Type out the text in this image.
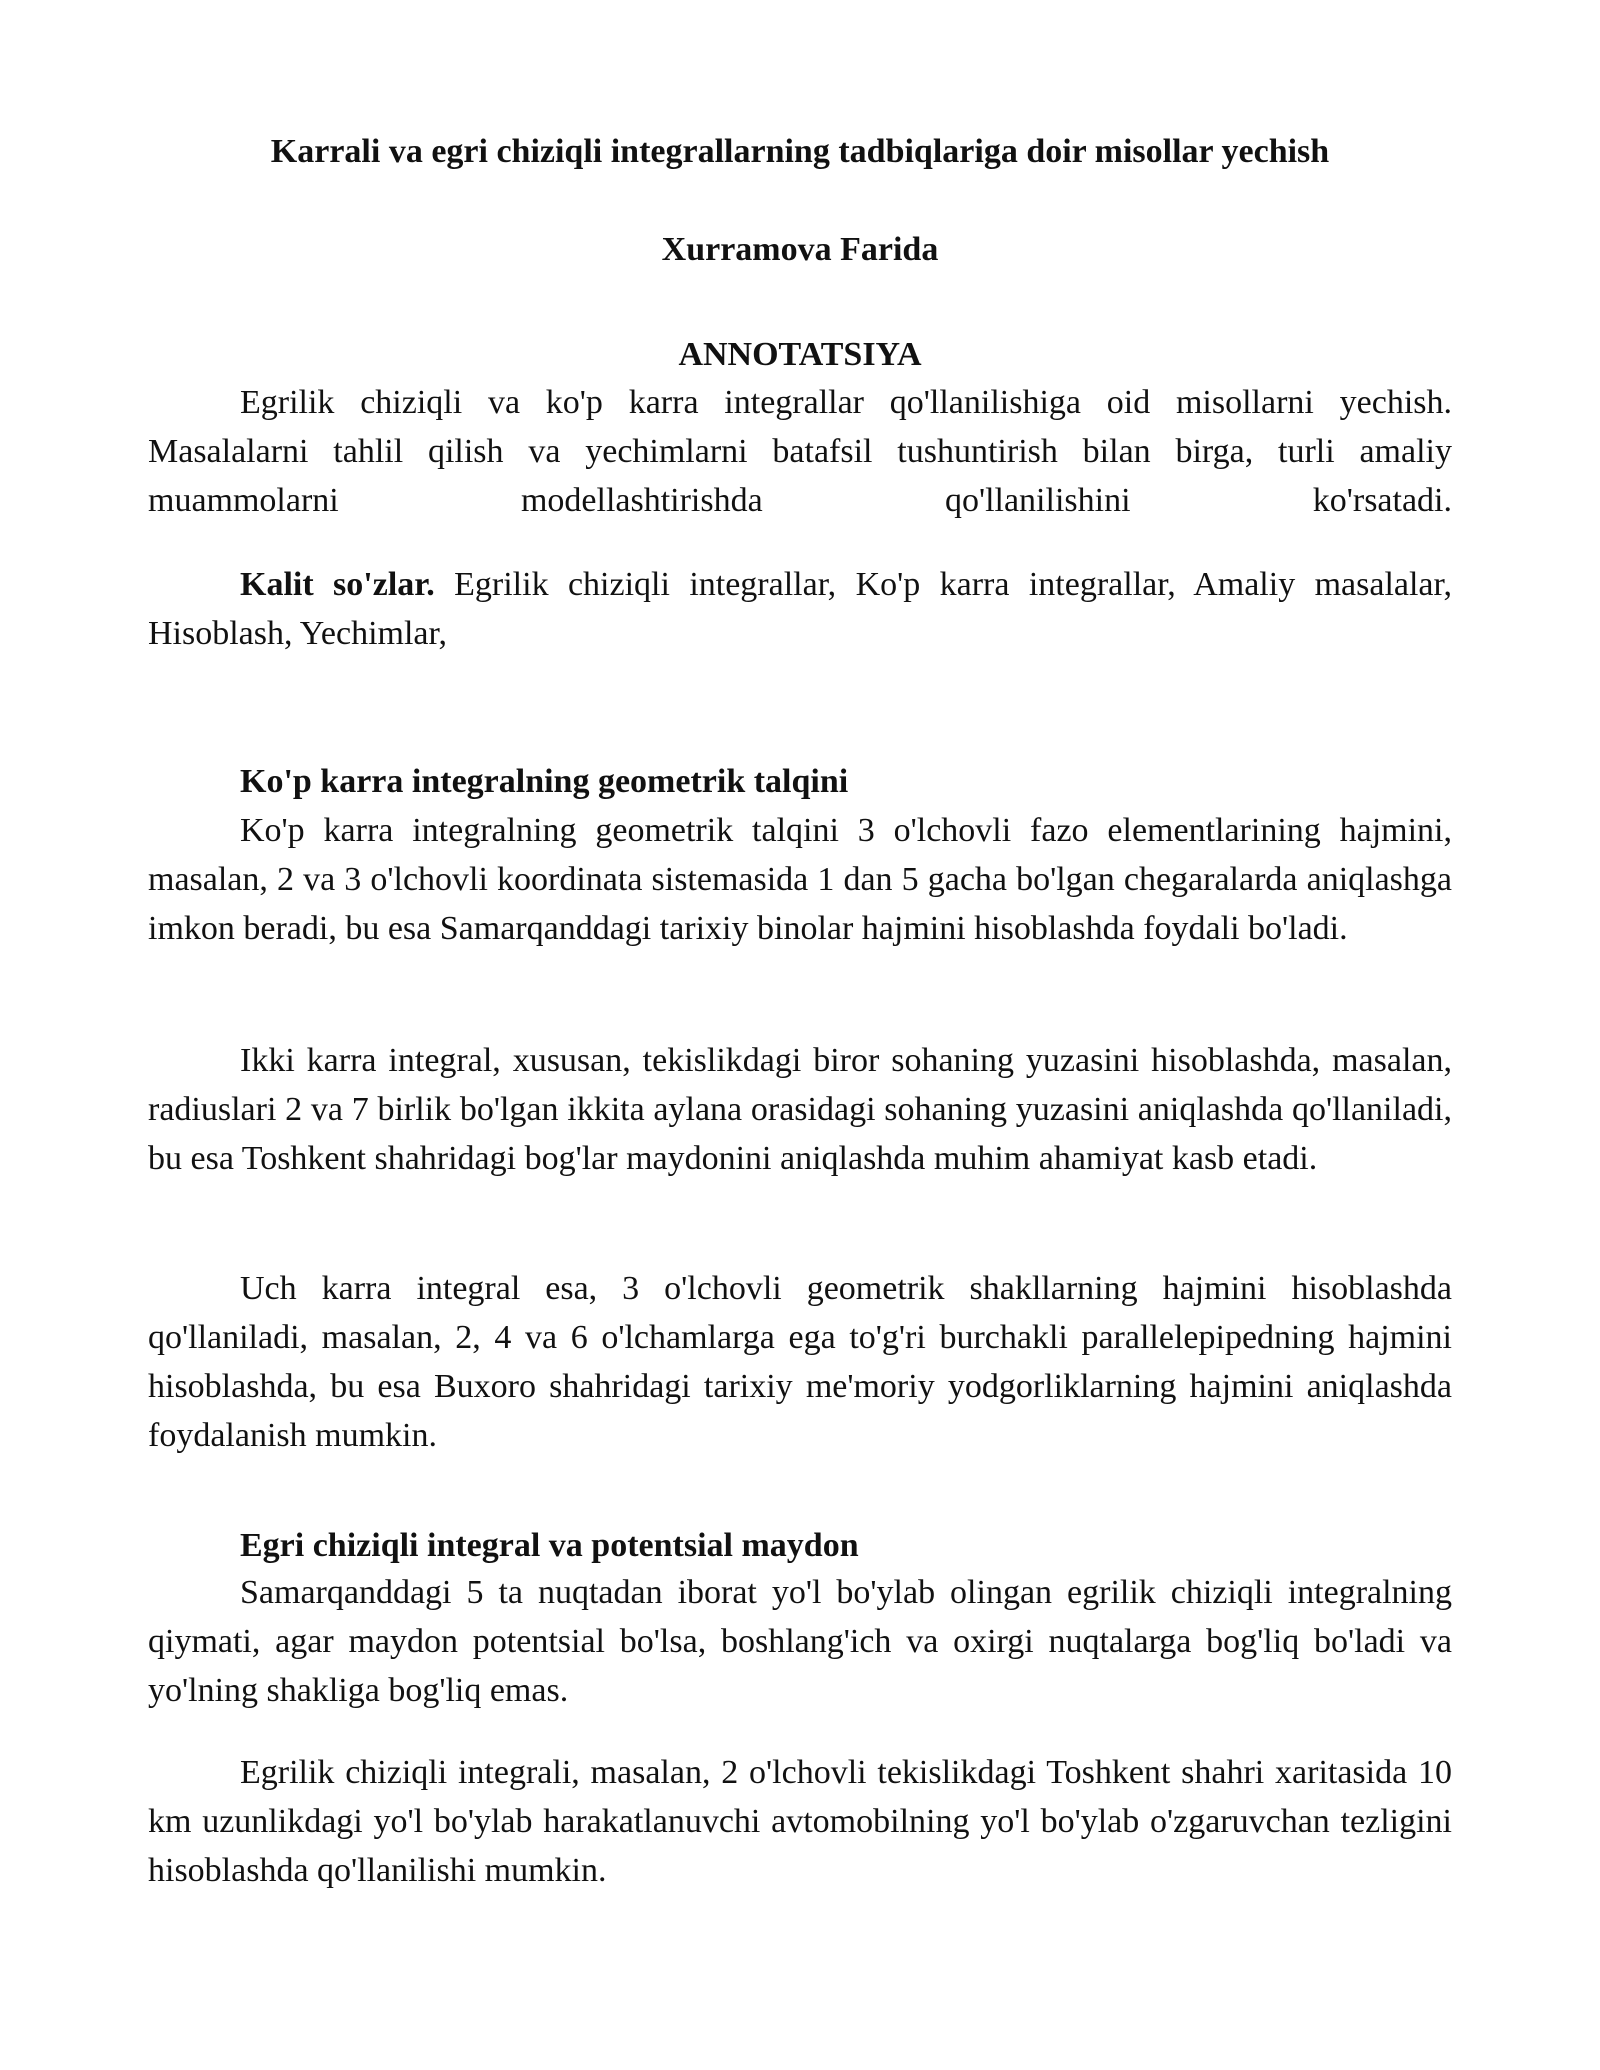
Karrali va egri chiziqli integrallarning tadbiqlariga doir misollar yechish
Xurramova Farida
ANNOTATSIYA

Egrilik chiziqli va ko'p karra integrallar qo'llanilishiga oid misollarni yechish. Masalalarni tahlil qilish va yechimlarni batafsil tushuntirish bilan birga, turli amaliy muammolarni modellashtirishda qo'llanilishini ko'rsatadi.

Kalit so'zlar. Egrilik chiziqli integrallar, Ko'p karra integrallar, Amaliy masalalar, Hisoblash, Yechimlar,

Ko'p karra integralning geometrik talqini

Ko'p karra integralning geometrik talqini 3 o'lchovli fazo elementlarining hajmini, masalan, 2 va 3 o'lchovli koordinata sistemasida 1 dan 5 gacha bo'lgan chegaralarda aniqlashga imkon beradi, bu esa Samarqanddagi tarixiy binolar hajmini hisoblashda foydali bo'ladi.

Ikki karra integral, xususan, tekislikdagi biror sohaning yuzasini hisoblashda, masalan, radiuslari 2 va 7 birlik bo'lgan ikkita aylana orasidagi sohaning yuzasini aniqlashda qo'llaniladi, bu esa Toshkent shahridagi bog'lar maydonini aniqlashda muhim ahamiyat kasb etadi.

Uch karra integral esa, 3 o'lchovli geometrik shakllarning hajmini hisoblashda qo'llaniladi, masalan, 2, 4 va 6 o'lchamlarga ega to'g'ri burchakli parallelepipedning hajmini hisoblashda, bu esa Buxoro shahridagi tarixiy me'moriy yodgorliklarning hajmini aniqlashda foydalanish mumkin.

Egri chiziqli integral va potentsial maydon

Samarqanddagi 5 ta nuqtadan iborat yo'l bo'ylab olingan egrilik chiziqli integralning qiymati, agar maydon potentsial bo'lsa, boshlang'ich va oxirgi nuqtalarga bog'liq bo'ladi va yo'lning shakliga bog'liq emas.

Egrilik chiziqli integrali, masalan, 2 o'lchovli tekislikdagi Toshkent shahri xaritasida 10 km uzunlikdagi yo'l bo'ylab harakatlanuvchi avtomobilning yo'l bo'ylab o'zgaruvchan tezligini hisoblashda qo'llanilishi mumkin.
